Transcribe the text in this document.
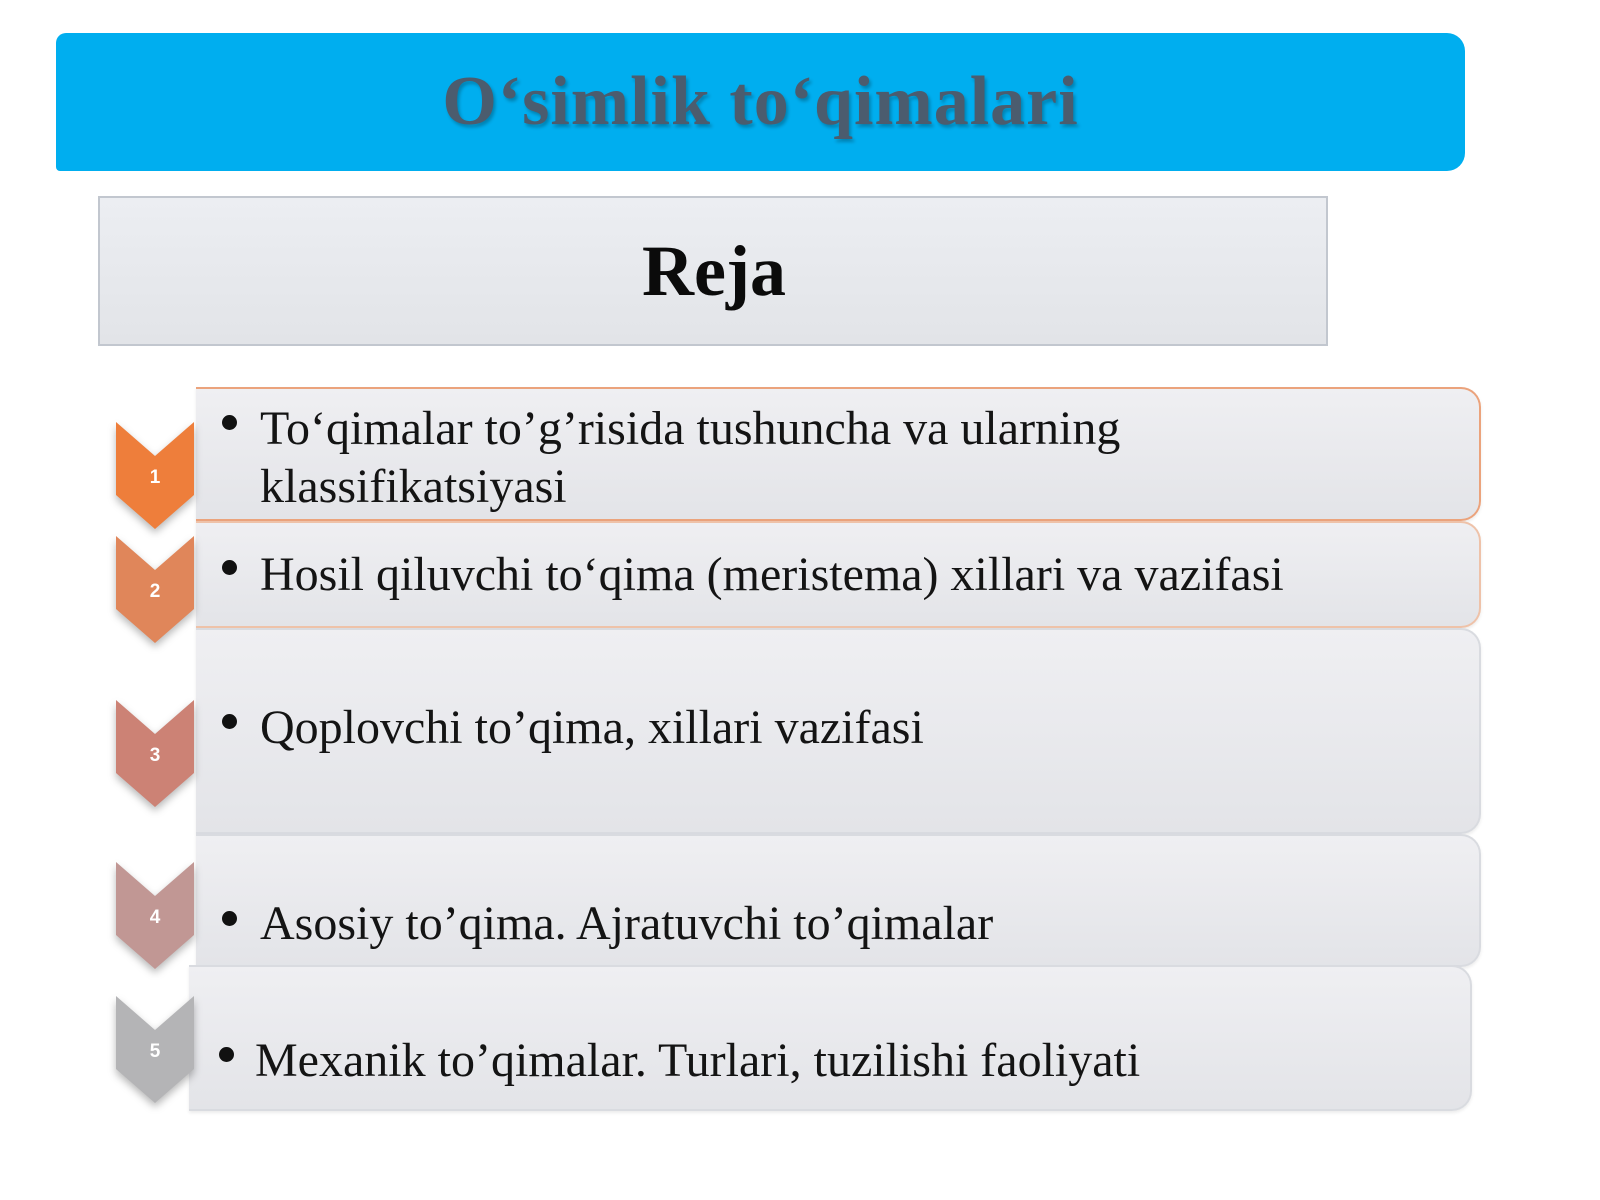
O‘simlik to‘qimalari
Reja
To‘qimalar to’g’risida tushuncha va ularning
klassifikatsiyasi
Hosil qiluvchi to‘qima (meristema) xillari va vazifasi
Qoplovchi to’qima, xillari vazifasi
Asosiy to’qima. Ajratuvchi to’qimalar
Mexanik to’qimalar. Turlari, tuzilishi faoliyati
1
2
3
4
5
